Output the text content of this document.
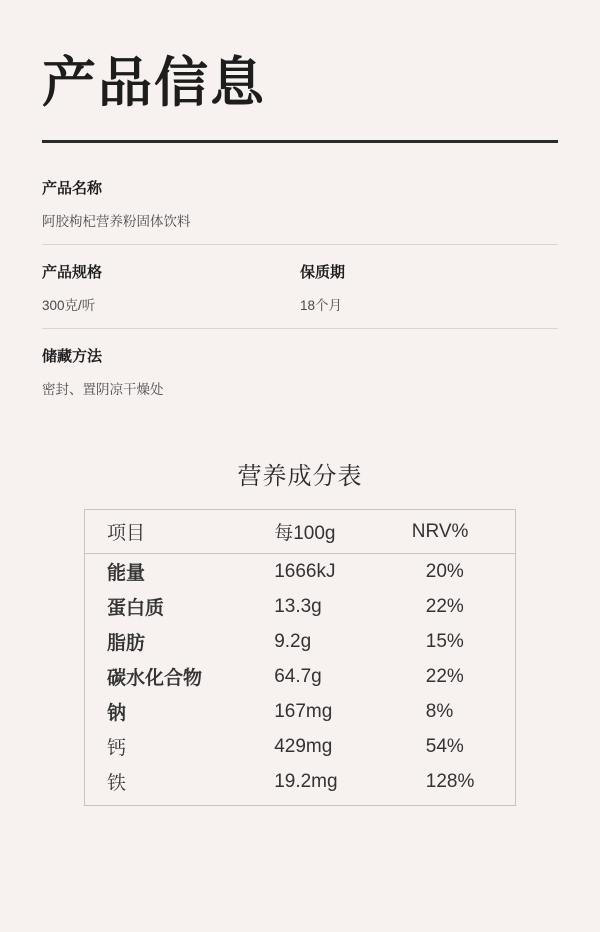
产品信息
产品名称
阿胶枸杞营养粉固体饮料
产品规格
300克/听
保质期
18个月
储藏方法
密封、置阴凉干燥处
营养成分表
项目	每100g	NRV%
能量	1666kJ	20%
蛋白质	13.3g	22%
脂肪	9.2g	15%
碳水化合物	64.7g	22%
钠	167mg	8%
钙	429mg	54%
铁	19.2mg	128%
